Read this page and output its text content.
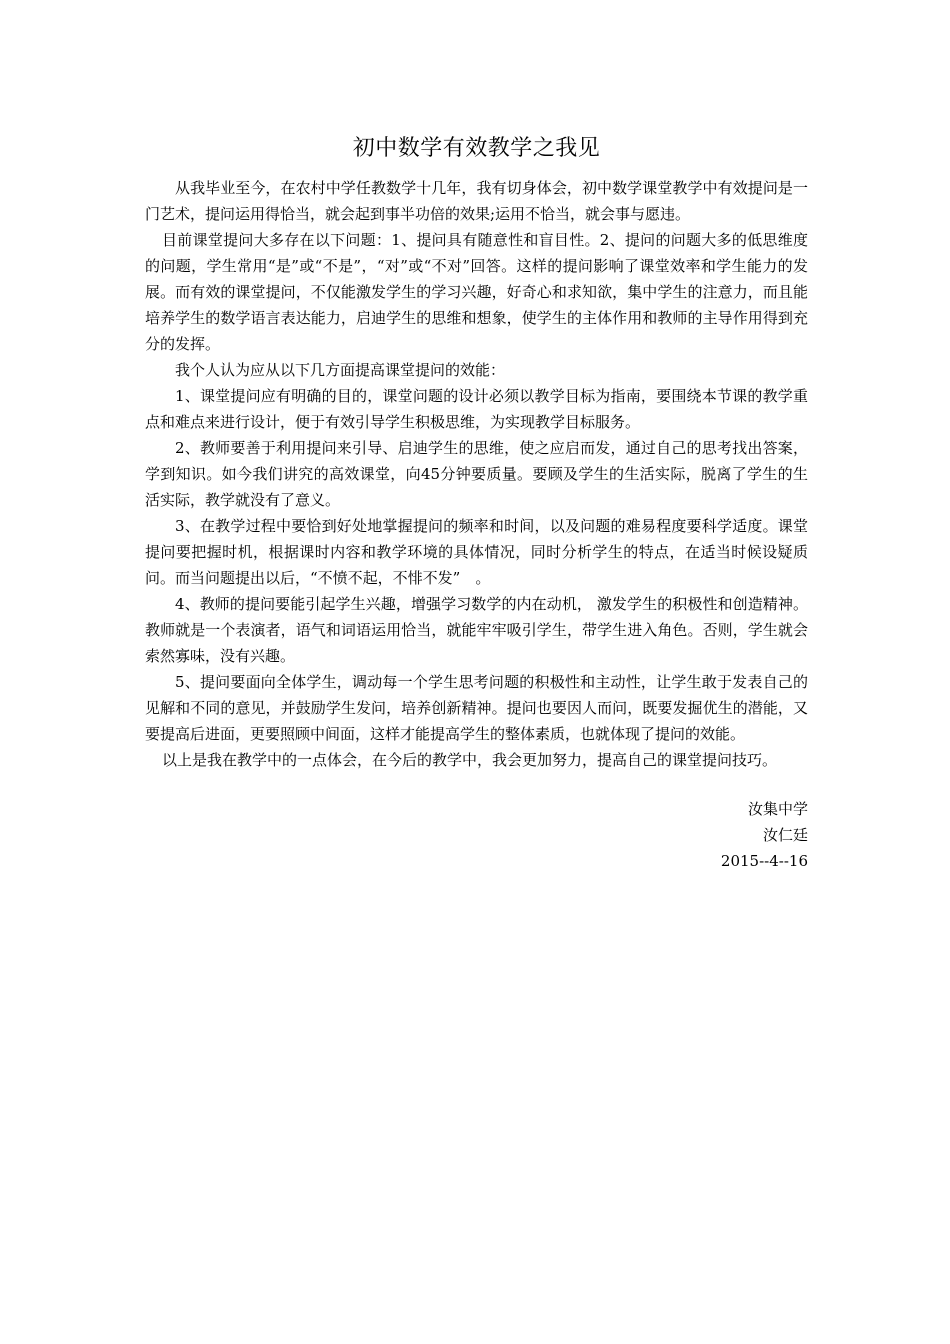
初中数学有效教学之我见

从我毕业至今，在农村中学任教数学十几年，我有切身体会，初中数学课堂教学中有效提问是一门艺术，提问运用得恰当，就会起到事半功倍的效果;运用不恰当，就会事与愿违。

目前课堂提问大多存在以下问题：1、提问具有随意性和盲目性。2、提问的问题大多的低思维度的问题，学生常用“是”或“不是”，“对”或“不对”回答。这样的提问影响了课堂效率和学生能力的发展。而有效的课堂提问，不仅能激发学生的学习兴趣，好奇心和求知欲，集中学生的注意力，而且能培养学生的数学语言表达能力，启迪学生的思维和想象，使学生的主体作用和教师的主导作用得到充分的发挥。

我个人认为应从以下几方面提高课堂提问的效能：

1、课堂提问应有明确的目的，课堂问题的设计必须以教学目标为指南，要围绕本节课的教学重点和难点来进行设计，便于有效引导学生积极思维，为实现教学目标服务。

2、教师要善于利用提问来引导、启迪学生的思维，使之应启而发，通过自己的思考找出答案，学到知识。如今我们讲究的高效课堂，向45分钟要质量。要顾及学生的生活实际，脱离了学生的生活实际，教学就没有了意义。

3、在教学过程中要恰到好处地掌握提问的频率和时间，以及问题的难易程度要科学适度。课堂提问要把握时机，根据课时内容和教学环境的具体情况，同时分析学生的特点，在适当时候设疑质问。而当问题提出以后，“不愤不起，不悱不发”　。

4、教师的提问要能引起学生兴趣，增强学习数学的内在动机， 激发学生的积极性和创造精神。教师就是一个表演者，语气和词语运用恰当，就能牢牢吸引学生，带学生进入角色。否则，学生就会索然寡味，没有兴趣。

5、提问要面向全体学生，调动每一个学生思考问题的积极性和主动性，让学生敢于发表自己的见解和不同的意见，并鼓励学生发问，培养创新精神。提问也要因人而问，既要发掘优生的潜能，又要提高后进面，更要照顾中间面，这样才能提高学生的整体素质，也就体现了提问的效能。

以上是我在教学中的一点体会，在今后的教学中，我会更加努力，提高自己的课堂提问技巧。

汝集中学
汝仁廷
2015--4--16
